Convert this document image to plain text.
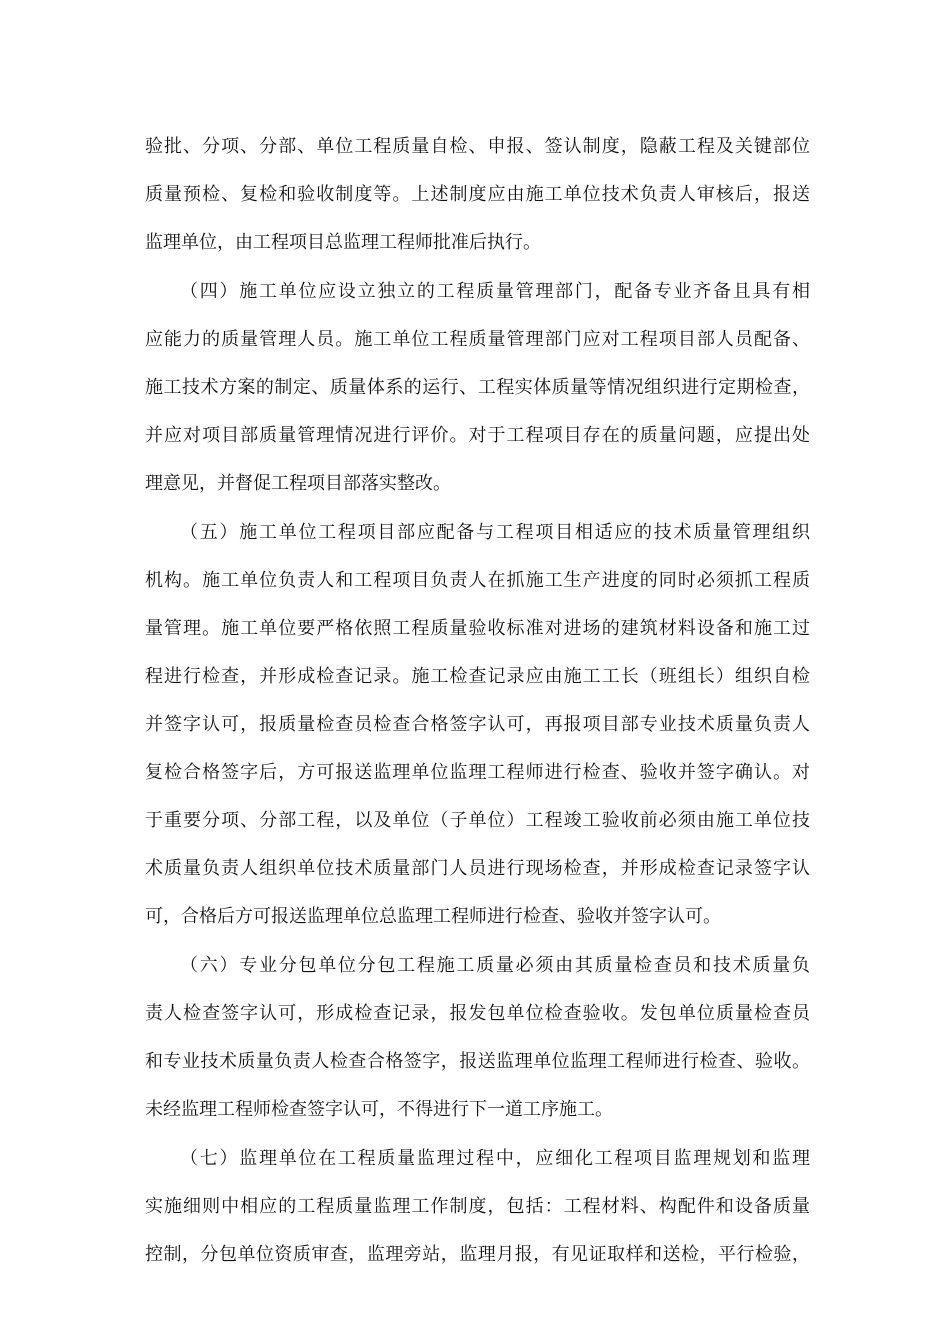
验批、分项、分部、单位工程质量自检、申报、签认制度，隐蔽工程及关键部位
质量预检、复检和验收制度等。上述制度应由施工单位技术负责人审核后，报送
监理单位，由工程项目总监理工程师批准后执行。
（四）施工单位应设立独立的工程质量管理部门，配备专业齐备且具有相
应能力的质量管理人员。施工单位工程质量管理部门应对工程项目部人员配备、
施工技术方案的制定、质量体系的运行、工程实体质量等情况组织进行定期检查，
并应对项目部质量管理情况进行评价。对于工程项目存在的质量问题，应提出处
理意见，并督促工程项目部落实整改。
（五）施工单位工程项目部应配备与工程项目相适应的技术质量管理组织
机构。施工单位负责人和工程项目负责人在抓施工生产进度的同时必须抓工程质
量管理。施工单位要严格依照工程质量验收标准对进场的建筑材料设备和施工过
程进行检查，并形成检查记录。施工检查记录应由施工工长（班组长）组织自检
并签字认可，报质量检查员检查合格签字认可，再报项目部专业技术质量负责人
复检合格签字后，方可报送监理单位监理工程师进行检查、验收并签字确认。对
于重要分项、分部工程，以及单位（子单位）工程竣工验收前必须由施工单位技
术质量负责人组织单位技术质量部门人员进行现场检查，并形成检查记录签字认
可，合格后方可报送监理单位总监理工程师进行检查、验收并签字认可。
（六）专业分包单位分包工程施工质量必须由其质量检查员和技术质量负
责人检查签字认可，形成检查记录，报发包单位检查验收。发包单位质量检查员
和专业技术质量负责人检查合格签字，报送监理单位监理工程师进行检查、验收。
未经监理工程师检查签字认可，不得进行下一道工序施工。
（七）监理单位在工程质量监理过程中，应细化工程项目监理规划和监理
实施细则中相应的工程质量监理工作制度，包括：工程材料、构配件和设备质量
控制，分包单位资质审查，监理旁站，监理月报，有见证取样和送检，平行检验，
